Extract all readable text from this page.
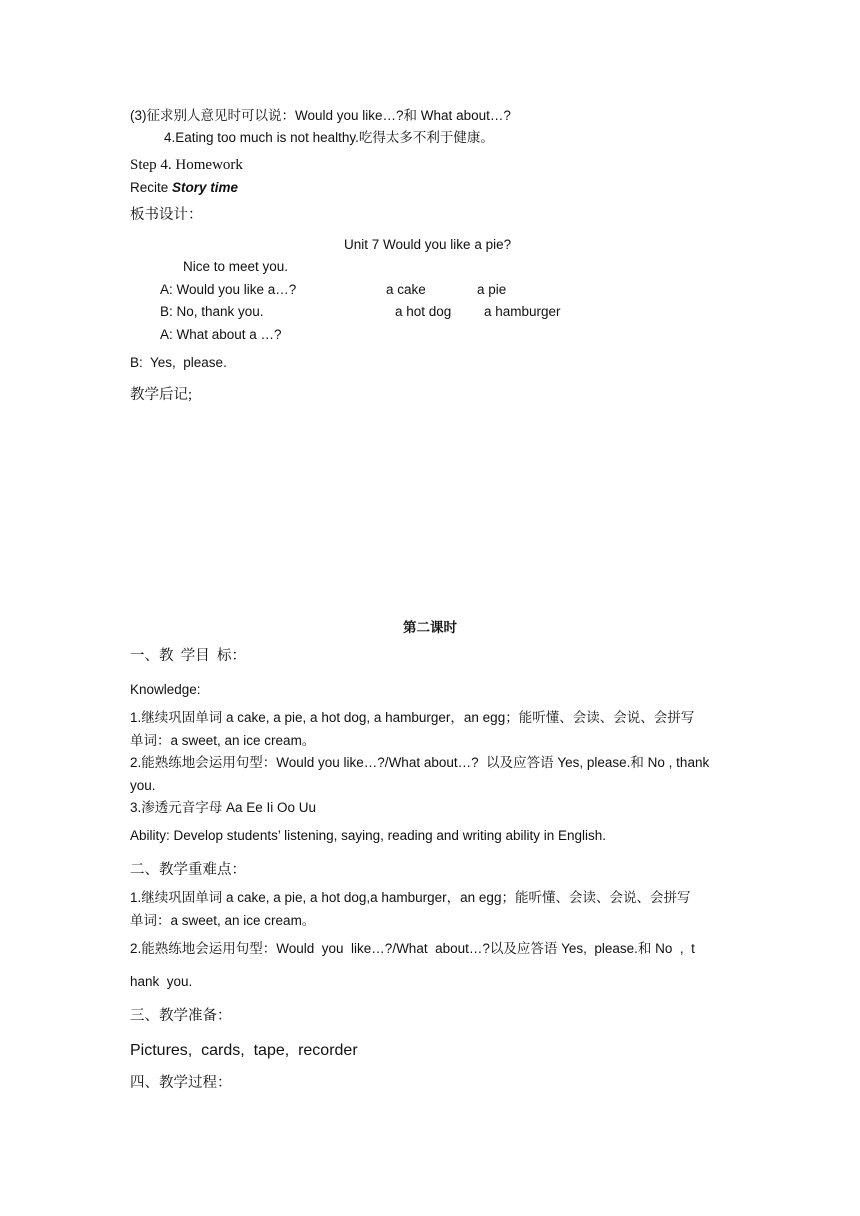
(3)征求别人意见时可以说：Would you like…?和 What about…?
4.Eating too much is not healthy.吃得太多不利于健康。
Step 4. Homework
Recite Story time
板书设计：
Unit 7 Would you like a pie?
Nice to meet you.
A: Would you like a…?	a cake	a pie
B: No, thank you.	a hot dog a hamburger
A: What about a …?
B:  Yes,  please.
教学后记;
第二课时
一、教  学目  标：
Knowledge:
1.继续巩固单词 a cake, a pie, a hot dog, a hamburger，an egg；能听懂、会读、会说、会拼写
单词：a sweet, an ice cream。
2.能熟练地会运用句型：Would you like…?/What about…?  以及应答语 Yes, please.和 No , thank
you.
3.渗透元音字母 Aa Ee Ii Oo Uu
Ability: Develop students’ listening, saying, reading and writing ability in English.
二、教学重难点：
1.继续巩固单词 a cake, a pie, a hot dog,a hamburger，an egg；能听懂、会读、会说、会拼写
单词：a sweet, an ice cream。
2.能熟练地会运用句型：Would  you  like…?/What  about…?以及应答语 Yes,  please.和 No  ,  t
hank  you.
三、教学准备：
Pictures,  cards,  tape,  recorder
四、教学过程：
